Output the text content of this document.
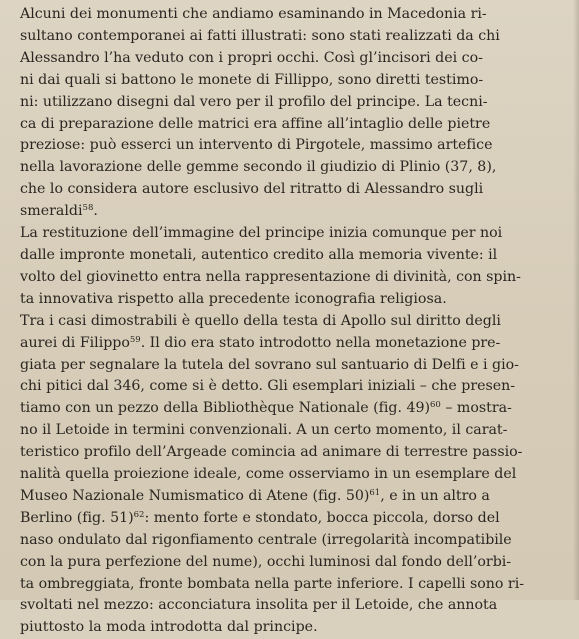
Alcuni dei monumenti che andiamo esaminando in Macedonia ri-
sultano contemporanei ai fatti illustrati: sono stati realizzati da chi
Alessandro l’ha veduto con i propri occhi. Così gl’incisori dei co-
ni dai quali si battono le monete di Fillippo, sono diretti testimo-
ni: utilizzano disegni dal vero per il profilo del principe. La tecni-
ca di preparazione delle matrici era affine all’intaglio delle pietre
preziose: può esserci un intervento di Pirgotele, massimo artefice
nella lavorazione delle gemme secondo il giudizio di Plinio (37, 8),
che lo considera autore esclusivo del ritratto di Alessandro sugli
smeraldi$^{58}$.

La restituzione dell’immagine del principe inizia comunque per noi
dalle impronte monetali, autentico credito alla memoria vivente: il
volto del giovinetto entra nella rappresentazione di divinità, con spin-
ta innovativa rispetto alla precedente iconografia religiosa.

Tra i casi dimostrabili è quello della testa di Apollo sul diritto degli
aurei di Filippo$^{59}$. Il dio era stato introdotto nella monetazione pre-
giata per segnalare la tutela del sovrano sul santuario di Delfi e i gio-
chi pitici dal 346, come si è detto. Gli esemplari iniziali – che presen-
tiamo con un pezzo della Bibliothèque Nationale (fig. 49)$^{60}$ – mostra-
no il Letoide in termini convenzionali. A un certo momento, il carat-
teristico profilo dell’Argeade comincia ad animare di terrestre passio-
nalità quella proiezione ideale, come osserviamo in un esemplare del
Museo Nazionale Numismatico di Atene (fig. 50)$^{61}$, e in un altro a
Berlino (fig. 51)$^{62}$: mento forte e stondato, bocca piccola, dorso del
naso ondulato dal rigonfiamento centrale (irregolarità incompatibile
con la pura perfezione del nume), occhi luminosi dal fondo dell’orbi-
ta ombreggiata, fronte bombata nella parte inferiore. I capelli sono ri-
svoltati nel mezzo: acconciatura insolita per il Letoide, che annota
piuttosto la moda introdotta dal principe.
